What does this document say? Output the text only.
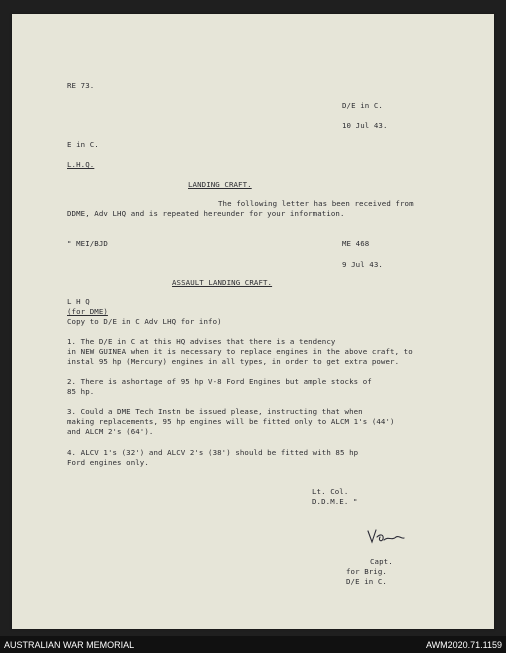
RE 73.
D/E in C.
10 Jul 43.
E in C.
L.H.Q.
LANDING CRAFT.
The following letter has been received from
DDME, Adv LHQ and is repeated hereunder for your information.
" MEI/BJD	ME 468
9 Jul 43.
ASSAULT LANDING CRAFT.
L H Q
(for DME)
Copy to D/E in C Adv LHQ for info)
1. The D/E in C at this HQ advises that there is a tendency
in NEW GUINEA when it is necessary to replace engines in the above craft, to
instal 95 hp (Mercury) engines in all types, in order to get extra power.
2. There is ashortage of 95 hp V-8 Ford Engines but ample stocks of
85 hp.
3. Could a DME Tech Instn be issued please, instructing that when
making replacements, 95 hp engines will be fitted only to ALCM 1's (44')
and ALCM 2's (64').
4. ALCV 1's (32') and ALCV 2's (38') should be fitted with 85 hp
Ford engines only.
Lt. Col.
D.D.M.E. "
Capt.
for Brig.
D/E in C.
AUSTRALIAN WAR MEMORIAL	AWM2020.71.1159
